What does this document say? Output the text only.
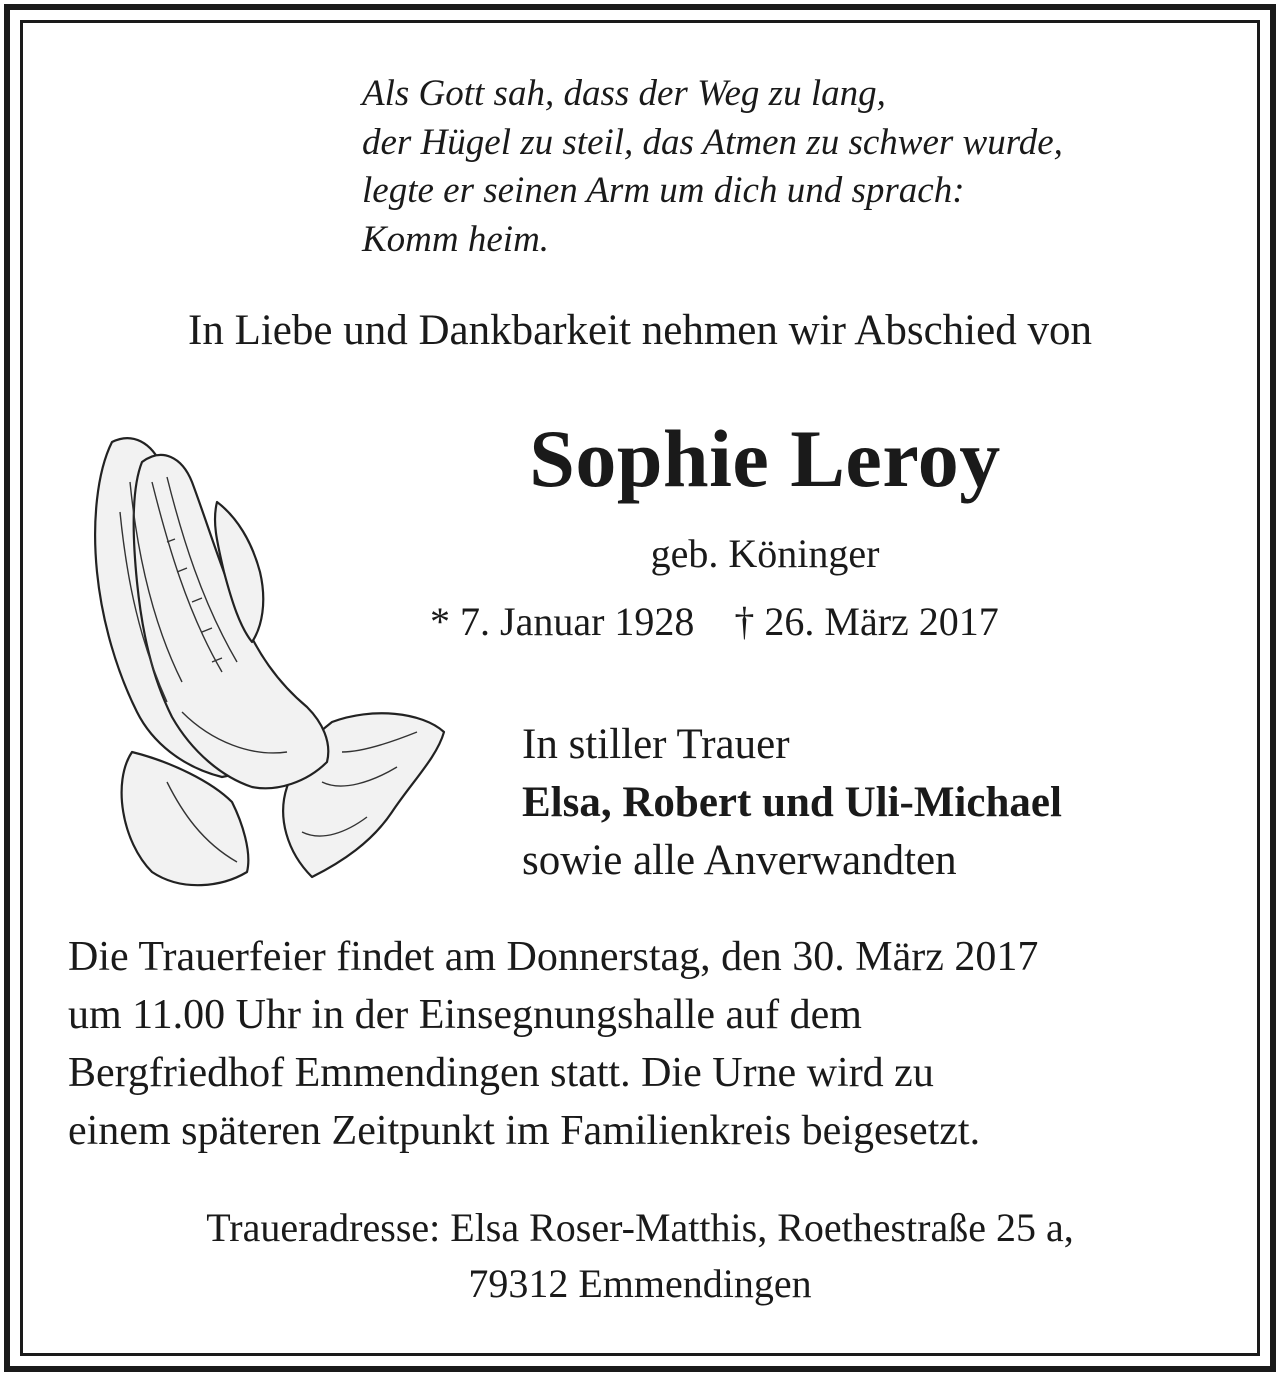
Als Gott sah, dass der Weg zu lang,
der Hügel zu steil, das Atmen zu schwer wurde,
legte er seinen Arm um dich und sprach:
Komm heim.
In Liebe und Dankbarkeit nehmen wir Abschied von
Sophie Leroy
geb. Köninger
* 7. Januar 1928 † 26. März 2017
In stiller Trauer
Elsa, Robert und Uli-Michael
sowie alle Anverwandten
Die Trauerfeier findet am Donnerstag, den 30. März 2017
um 11.00 Uhr in der Einsegnungshalle auf dem
Bergfriedhof Emmendingen statt. Die Urne wird zu
einem späteren Zeitpunkt im Familienkreis beigesetzt.
Traueradresse: Elsa Roser-Matthis, Roethestraße 25 a,
79312 Emmendingen
